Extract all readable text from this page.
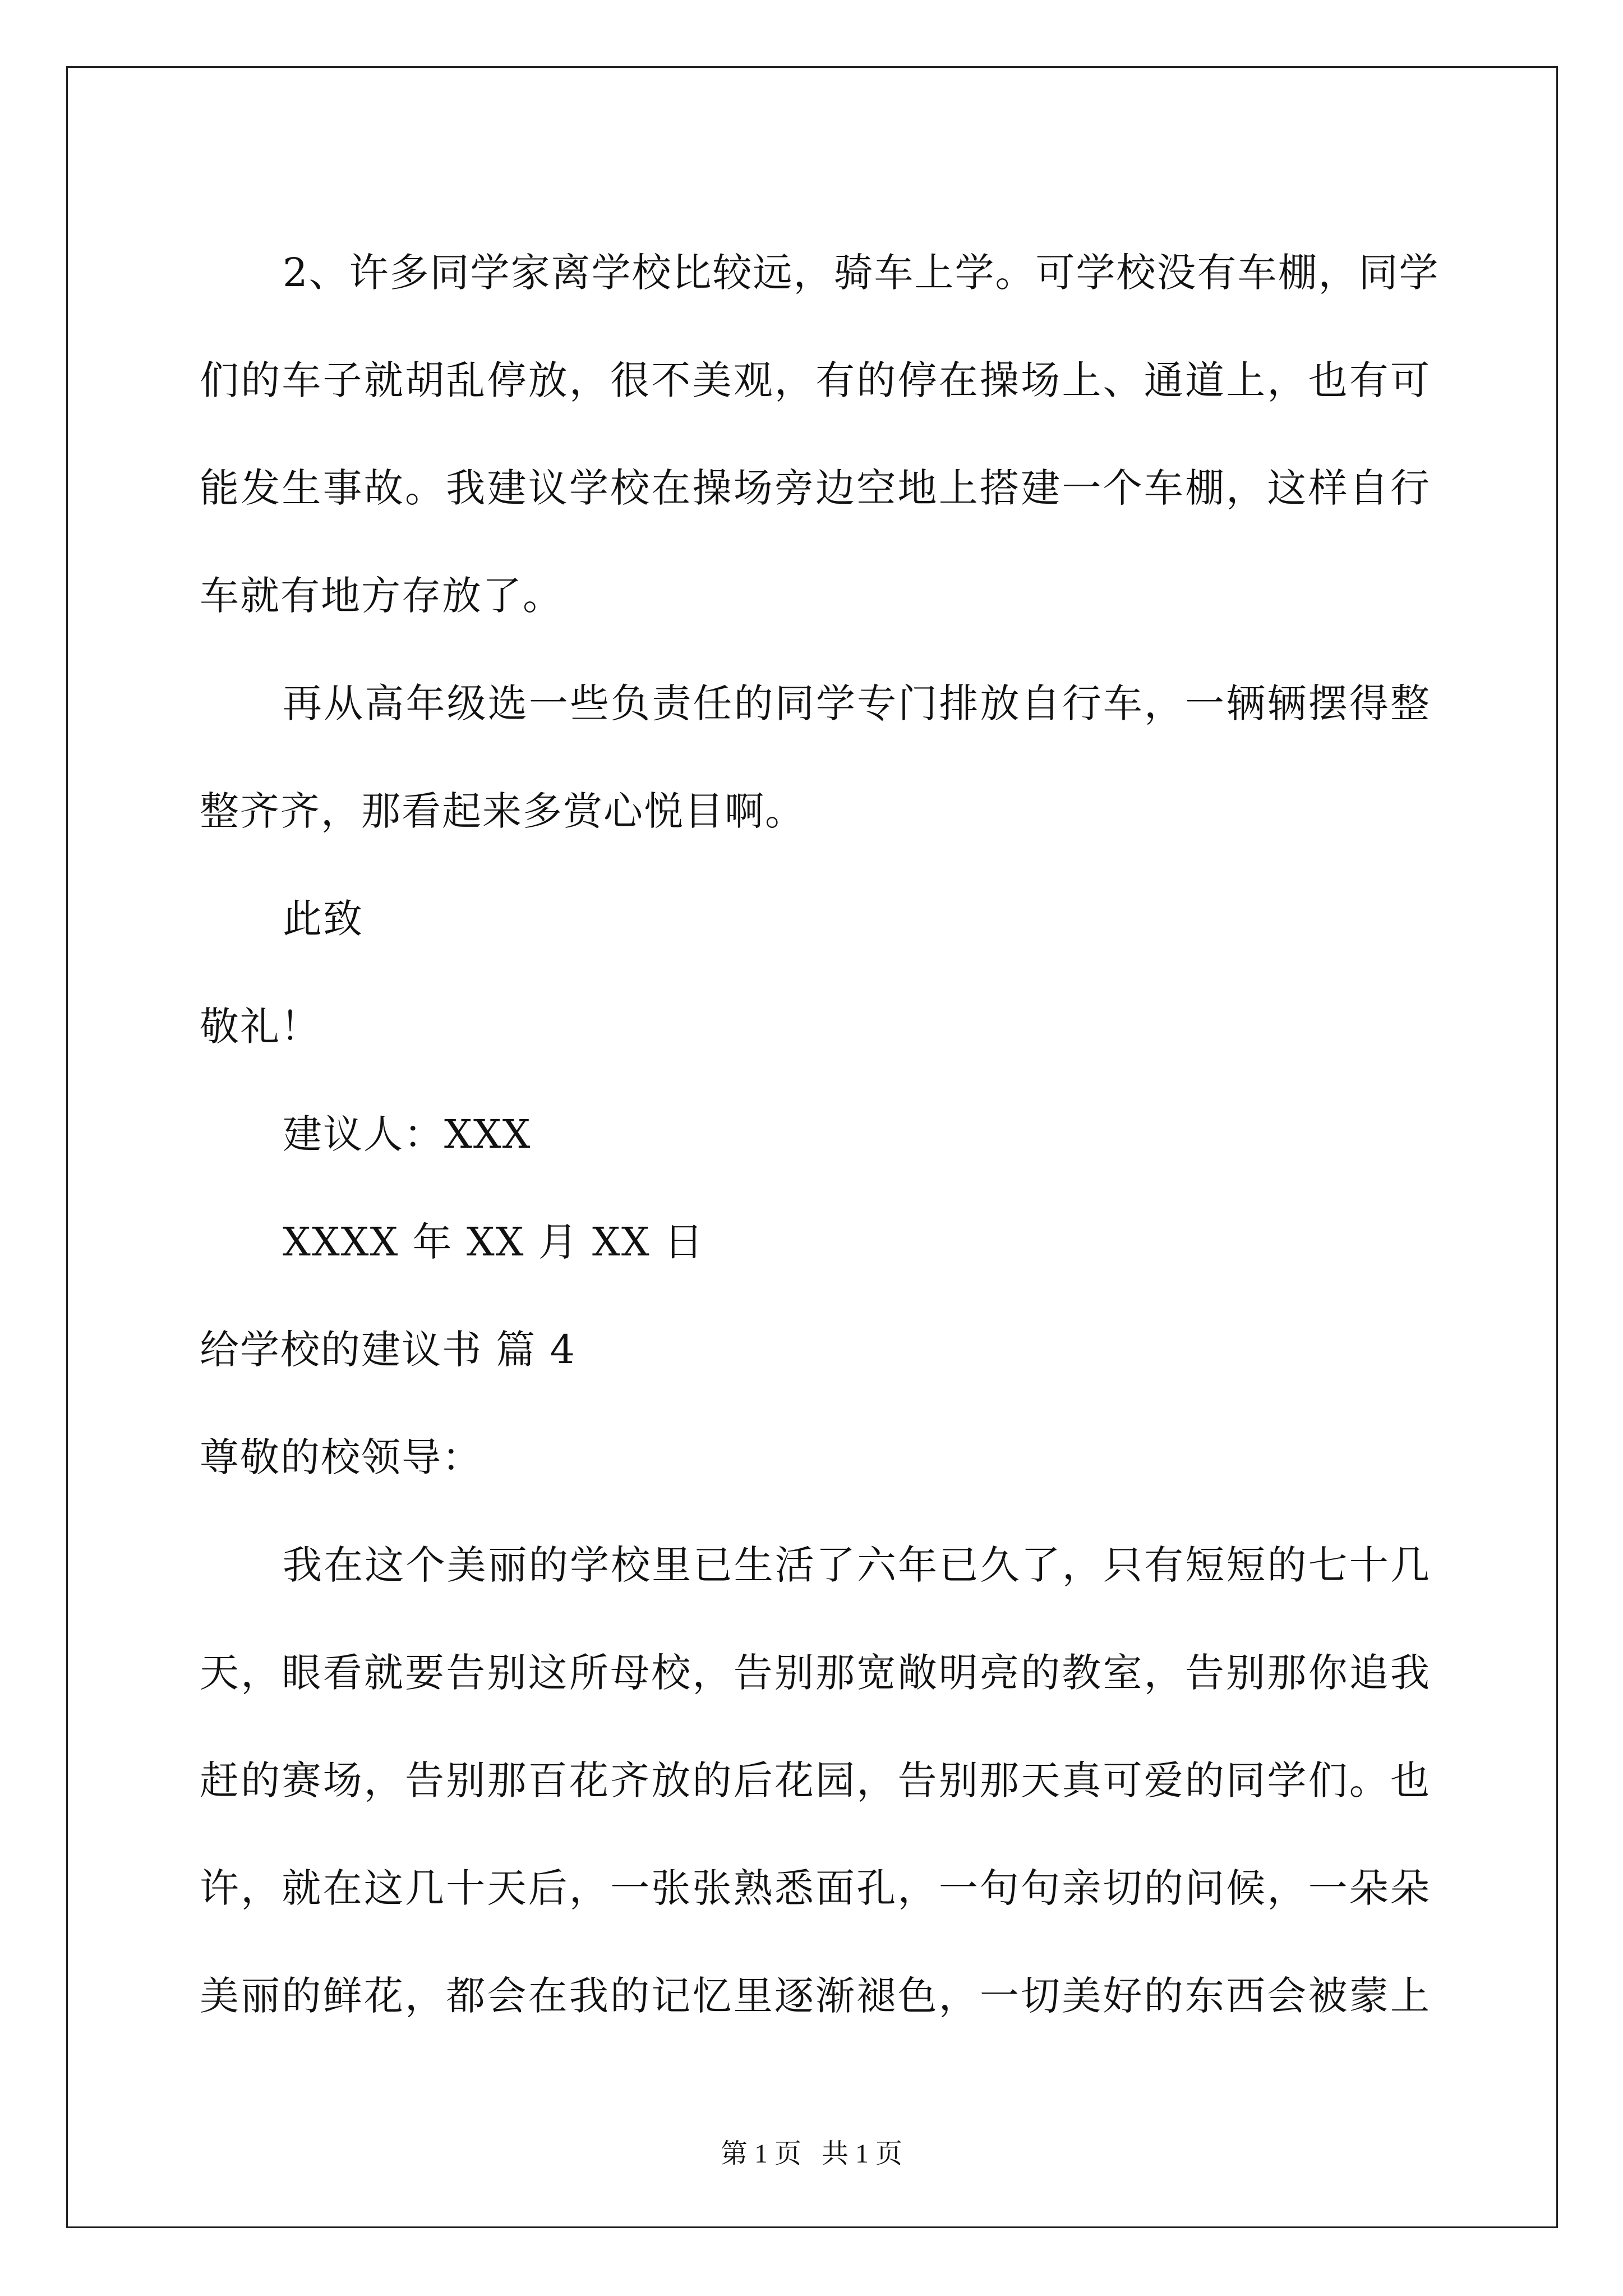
2、许多同学家离学校比较远，骑车上学。可学校没有车棚，同学
们的车子就胡乱停放，很不美观，有的停在操场上、通道上，也有可
能发生事故。我建议学校在操场旁边空地上搭建一个车棚，这样自行
车就有地方存放了。
再从高年级选一些负责任的同学专门排放自行车，一辆辆摆得整
整齐齐，那看起来多赏心悦目啊。
此致
敬礼！
建议人：XXX
XXXX 年 XX 月 XX 日
给学校的建议书 篇 4
尊敬的校领导：
我在这个美丽的学校里已生活了六年已久了，只有短短的七十几
天，眼看就要告别这所母校，告别那宽敞明亮的教室，告别那你追我
赶的赛场，告别那百花齐放的后花园，告别那天真可爱的同学们。也
许，就在这几十天后，一张张熟悉面孔，一句句亲切的问候，一朵朵
美丽的鲜花，都会在我的记忆里逐渐褪色，一切美好的东西会被蒙上
第 1 页 共 1 页
